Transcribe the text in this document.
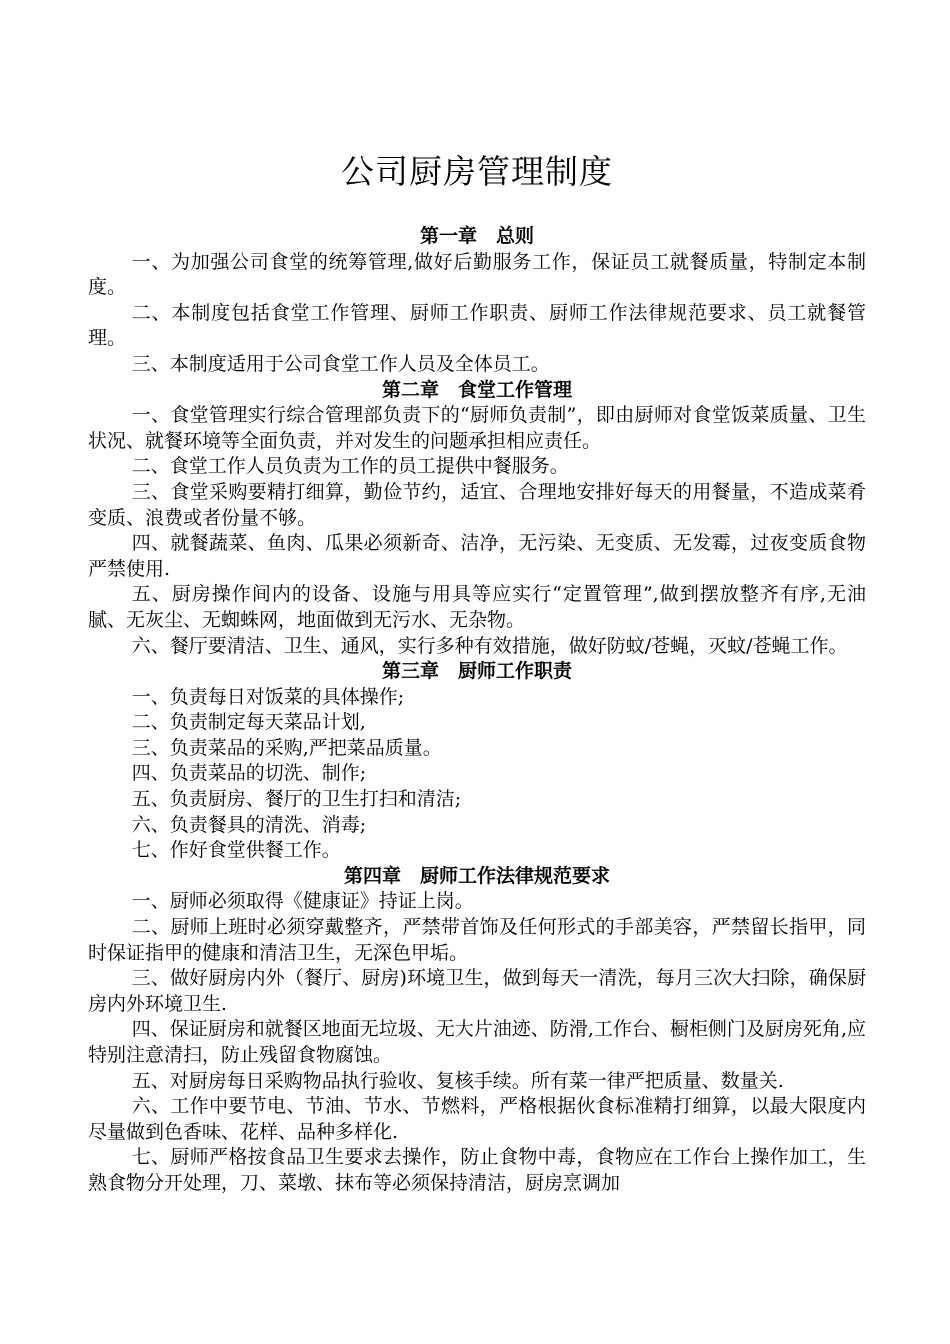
公司厨房管理制度
第一章　总则

一、为加强公司食堂的统筹管理,做好后勤服务工作，保证员工就餐质量，特制定本制度。

二、本制度包括食堂工作管理、厨师工作职责、厨师工作法律规范要求、员工就餐管理。

三、本制度适用于公司食堂工作人员及全体员工。

第二章　食堂工作管理

一、食堂管理实行综合管理部负责下的“厨师负责制”，即由厨师对食堂饭菜质量、卫生状况、就餐环境等全面负责，并对发生的问题承担相应责任。

二、食堂工作人员负责为工作的员工提供中餐服务。

三、食堂采购要精打细算，勤俭节约，适宜、合理地安排好每天的用餐量，不造成菜肴变质、浪费或者份量不够。

四、就餐蔬菜、鱼肉、瓜果必须新奇、洁净，无污染、无变质、无发霉，过夜变质食物严禁使用.

五、厨房操作间内的设备、设施与用具等应实行“定置管理”,做到摆放整齐有序,无油腻、无灰尘、无蜘蛛网，地面做到无污水、无杂物。

六、餐厅要清洁、卫生、通风，实行多种有效措施，做好防蚊/苍蝇，灭蚊/苍蝇工作。

第三章　厨师工作职责

一、负责每日对饭菜的具体操作;

二、负责制定每天菜品计划,

三、负责菜品的采购,严把菜品质量。

四、负责菜品的切洗、制作;

五、负责厨房、餐厅的卫生打扫和清洁;

六、负责餐具的清洗、消毒;

七、作好食堂供餐工作。

第四章　厨师工作法律规范要求

一、厨师必须取得《健康证》持证上岗。

二、厨师上班时必须穿戴整齐，严禁带首饰及任何形式的手部美容，严禁留长指甲，同时保证指甲的健康和清洁卫生，无深色甲垢。

三、做好厨房内外（餐厅、厨房)环境卫生，做到每天一清洗，每月三次大扫除，确保厨房内外环境卫生.

四、保证厨房和就餐区地面无垃圾、无大片油迹、防滑,工作台、橱柜侧门及厨房死角,应特别注意清扫，防止残留食物腐蚀。

五、对厨房每日采购物品执行验收、复核手续。所有菜一律严把质量、数量关.

六、工作中要节电、节油、节水、节燃料，严格根据伙食标准精打细算，以最大限度内尽量做到色香味、花样、品种多样化.

七、厨师严格按食品卫生要求去操作，防止食物中毒，食物应在工作台上操作加工，生熟食物分开处理，刀、菜墩、抹布等必须保持清洁，厨房烹调加
